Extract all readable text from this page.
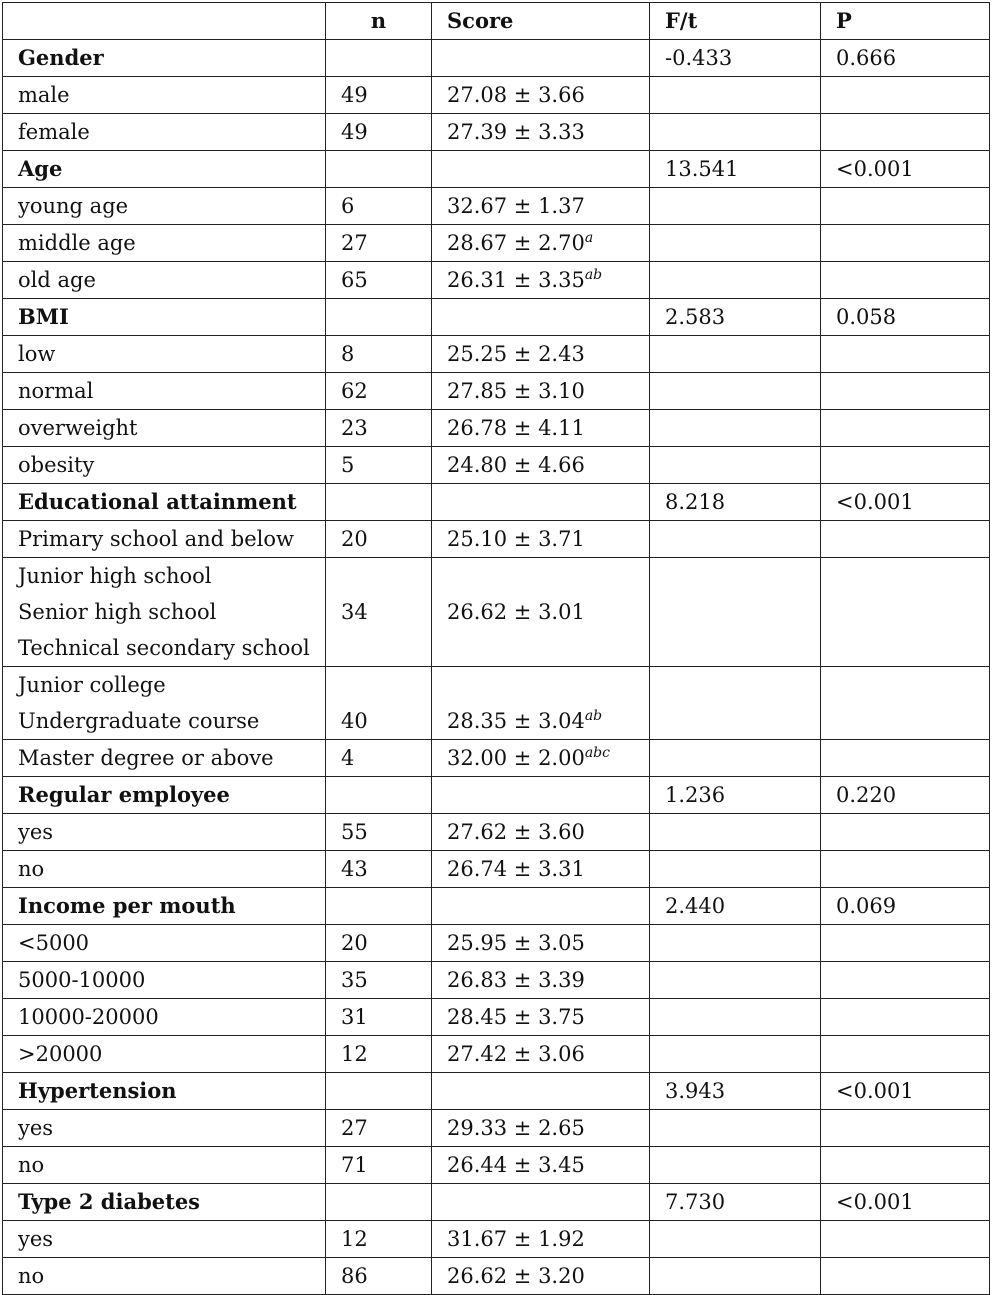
	n	Score	F/t	P
Gender			-0.433	0.666
male	49	27.08 ± 3.66		
female	49	27.39 ± 3.33		
Age			13.541	<0.001
young age	6	32.67 ± 1.37		
middle age	27	28.67 ± 2.70$^a$		
old age	65	26.31 ± 3.35$^{ab}$		
BMI			2.583	0.058
low	8	25.25 ± 2.43		
normal	62	27.85 ± 3.10		
overweight	23	26.78 ± 4.11		
obesity	5	24.80 ± 4.66		
Educational attainment			8.218	<0.001
Primary school and below	20	25.10 ± 3.71		

Junior high school
Senior high school
Technical secondary school	34	26.62 ± 3.01		

Junior college
Undergraduate course	40	28.35 ± 3.04$^{ab}$		
Master degree or above	4	32.00 ± 2.00$^{abc}$		
Regular employee			1.236	0.220
yes	55	27.62 ± 3.60		
no	43	26.74 ± 3.31		
Income per mouth			2.440	0.069
<5000	20	25.95 ± 3.05		
5000-10000	35	26.83 ± 3.39		
10000-20000	31	28.45 ± 3.75		
>20000	12	27.42 ± 3.06		
Hypertension			3.943	<0.001
yes	27	29.33 ± 2.65		
no	71	26.44 ± 3.45		
Type 2 diabetes			7.730	<0.001
yes	12	31.67 ± 1.92		
no	86	26.62 ± 3.20		
